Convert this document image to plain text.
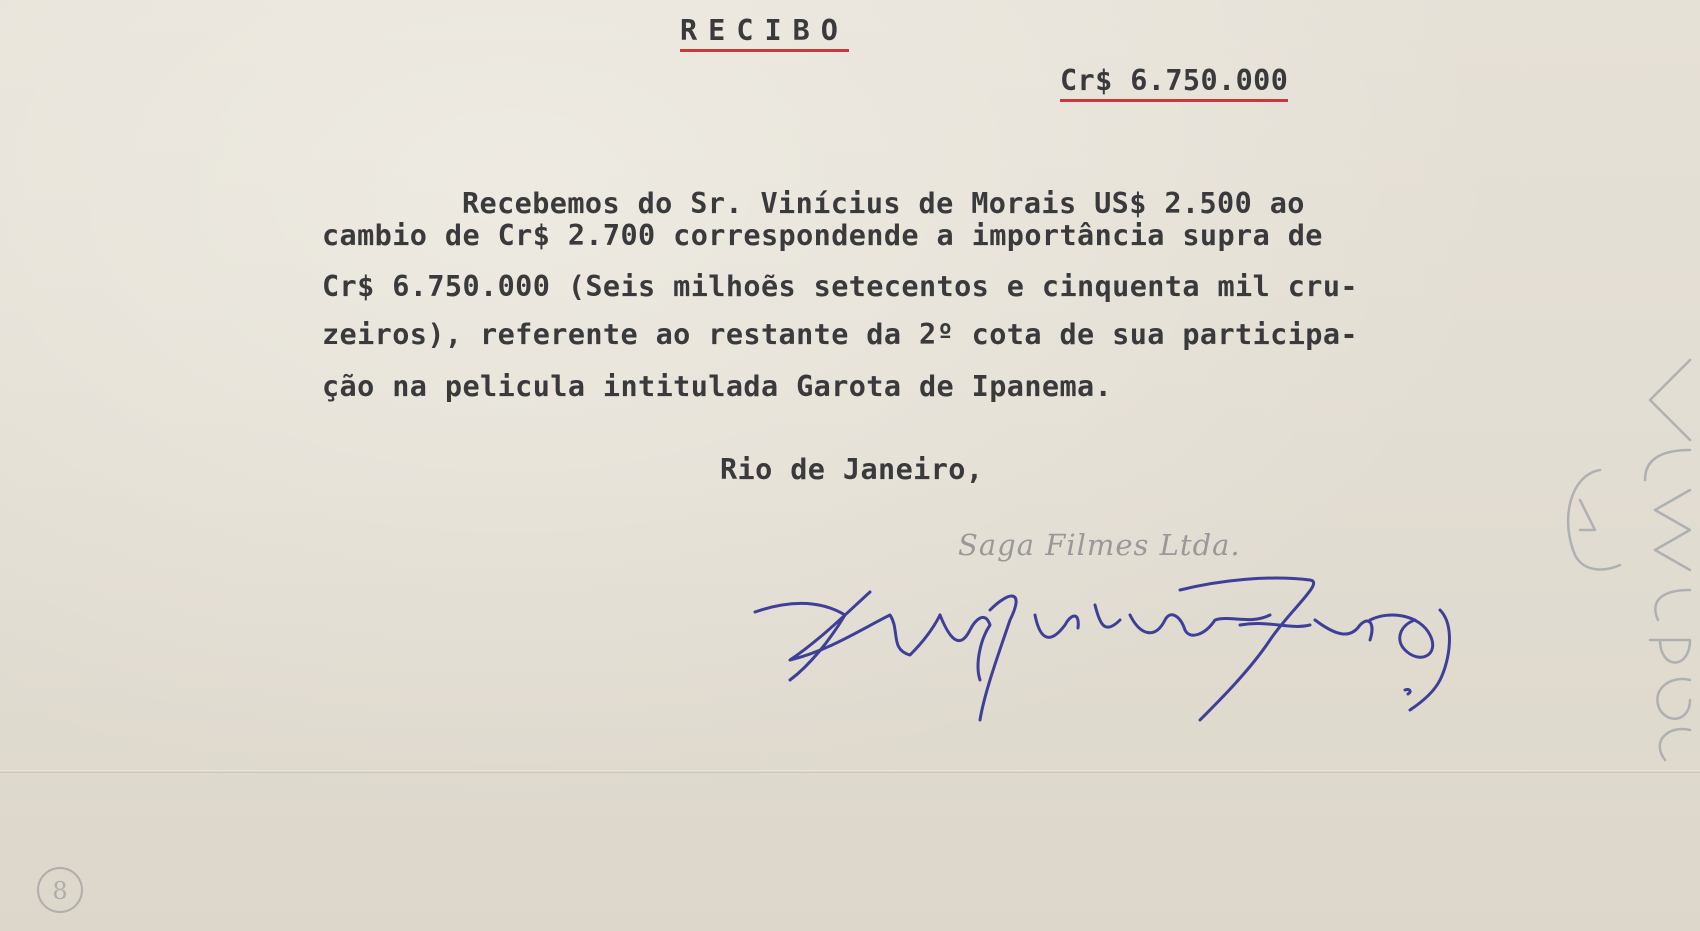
RECIBO
Cr$ 6.750.000
Recebemos do Sr. Vinícius de Morais US$ 2.500 ao
cambio de Cr$ 2.700 correspondende a importância supra de
Cr$ 6.750.000 (Seis milhoẽs setecentos e cinquenta mil cru-
zeiros), referente ao restante da 2º cota de sua participa-
ção na pelicula intitulada Garota de Ipanema.
Rio de Janeiro,
Saga Filmes Ltda.
8
